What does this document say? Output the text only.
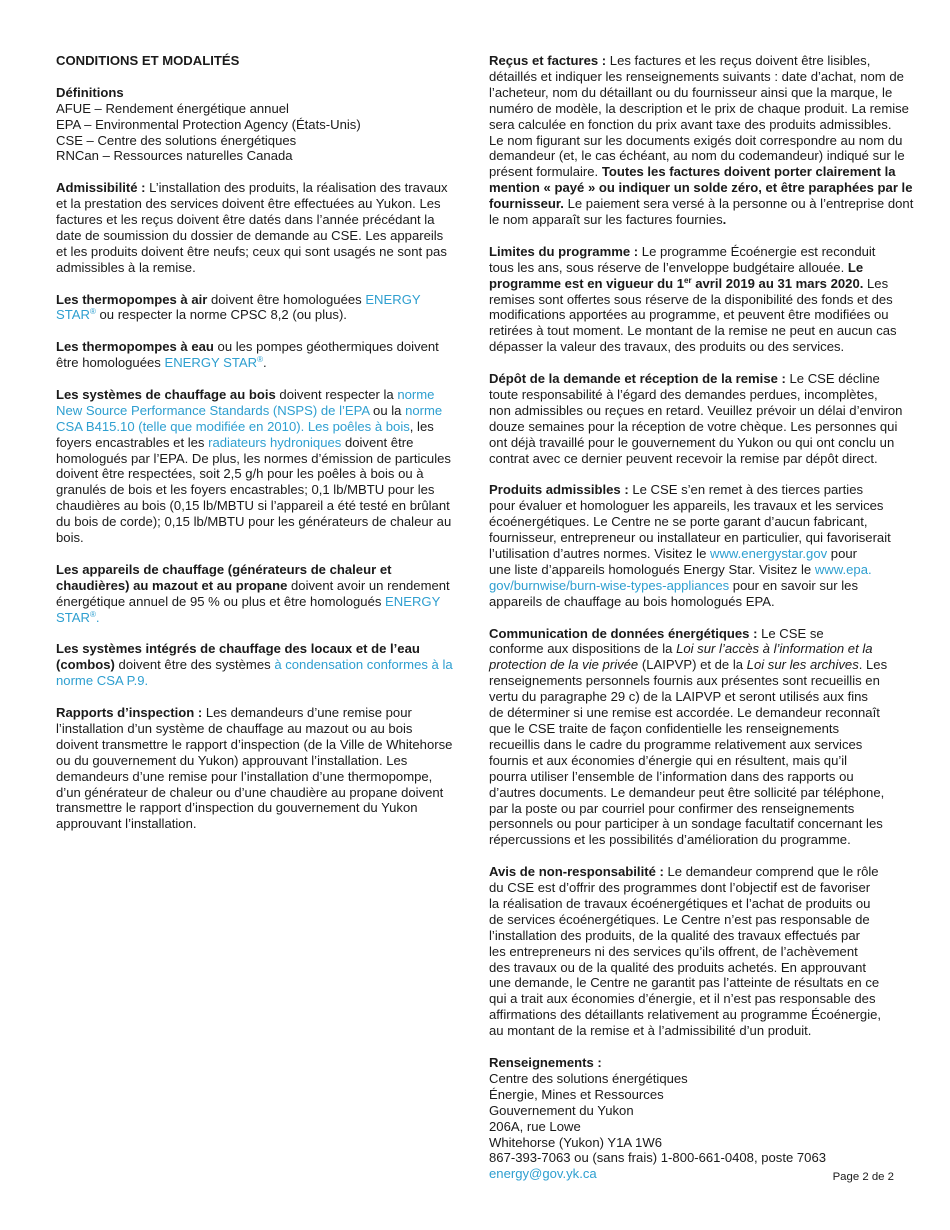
CONDITIONS ET MODALITÉS
Définitions
AFUE – Rendement énergétique annuel
EPA – Environmental Protection Agency (États-Unis)
CSE – Centre des solutions énergétiques
RNCan – Ressources naturelles Canada
Admissibilité : L’installation des produits, la réalisation des travaux
et la prestation des services doivent être effectuées au Yukon. Les
factures et les reçus doivent être datés dans l’année précédant la
date de soumission du dossier de demande au CSE. Les appareils
et les produits doivent être neufs; ceux qui sont usagés ne sont pas
admissibles à la remise.
Les thermopompes à air doivent être homologuées ENERGY
STAR® ou respecter la norme CPSC 8,2 (ou plus).
Les thermopompes à eau ou les pompes géothermiques doivent
être homologuées ENERGY STAR®.
Les systèmes de chauffage au bois doivent respecter la norme
New Source Performance Standards (NSPS) de l’EPA ou la norme
CSA B415.10 (telle que modifiée en 2010). Les poêles à bois, les
foyers encastrables et les radiateurs hydroniques doivent être
homologués par l’EPA. De plus, les normes d’émission de particules
doivent être respectées, soit 2,5 g/h pour les poêles à bois ou à
granulés de bois et les foyers encastrables; 0,1 lb/MBTU pour les
chaudières au bois (0,15 lb/MBTU si l’appareil a été testé en brûlant
du bois de corde); 0,15 lb/MBTU pour les générateurs de chaleur au
bois.
Les appareils de chauffage (générateurs de chaleur et
chaudières) au mazout et au propane doivent avoir un rendement
énergétique annuel de 95 % ou plus et être homologués ENERGY
STAR®.
Les systèmes intégrés de chauffage des locaux et de l’eau
(combos) doivent être des systèmes à condensation conformes à la
norme CSA P.9.
Rapports d’inspection : Les demandeurs d’une remise pour
l’installation d’un système de chauffage au mazout ou au bois
doivent transmettre le rapport d’inspection (de la Ville de Whitehorse
ou du gouvernement du Yukon) approuvant l’installation. Les
demandeurs d’une remise pour l’installation d’une thermopompe,
d’un générateur de chaleur ou d’une chaudière au propane doivent
transmettre le rapport d’inspection du gouvernement du Yukon
approuvant l’installation.
Reçus et factures : Les factures et les reçus doivent être lisibles,
détaillés et indiquer les renseignements suivants : date d’achat, nom de
l’acheteur, nom du détaillant ou du fournisseur ainsi que la marque, le
numéro de modèle, la description et le prix de chaque produit. La remise
sera calculée en fonction du prix avant taxe des produits admissibles.
Le nom figurant sur les documents exigés doit correspondre au nom du
demandeur (et, le cas échéant, au nom du codemandeur) indiqué sur le
présent formulaire. Toutes les factures doivent porter clairement la
mention « payé » ou indiquer un solde zéro, et être paraphées par le
fournisseur. Le paiement sera versé à la personne ou à l’entreprise dont
le nom apparaît sur les factures fournies.
Limites du programme : Le programme Écoénergie est reconduit
tous les ans, sous réserve de l’enveloppe budgétaire allouée. Le
programme est en vigueur du 1er avril 2019 au 31 mars 2020. Les
remises sont offertes sous réserve de la disponibilité des fonds et des
modifications apportées au programme, et peuvent être modifiées ou
retirées à tout moment. Le montant de la remise ne peut en aucun cas
dépasser la valeur des travaux, des produits ou des services.
Dépôt de la demande et réception de la remise : Le CSE décline
toute responsabilité à l’égard des demandes perdues, incomplètes,
non admissibles ou reçues en retard. Veuillez prévoir un délai d’environ
douze semaines pour la réception de votre chèque. Les personnes qui
ont déjà travaillé pour le gouvernement du Yukon ou qui ont conclu un
contrat avec ce dernier peuvent recevoir la remise par dépôt direct.
Produits admissibles : Le CSE s’en remet à des tierces parties
pour évaluer et homologuer les appareils, les travaux et les services
écoénergétiques. Le Centre ne se porte garant d’aucun fabricant,
fournisseur, entrepreneur ou installateur en particulier, qui favoriserait
l’utilisation d’autres normes. Visitez le www.energystar.gov pour
une liste d’appareils homologués Energy Star. Visitez le www.epa.
gov/burnwise/burn-wise-types-appliances pour en savoir sur les
appareils de chauffage au bois homologués EPA.
Communication de données énergétiques : Le CSE se
conforme aux dispositions de la Loi sur l’accès à l’information et la
protection de la vie privée (LAIPVP) et de la Loi sur les archives. Les
renseignements personnels fournis aux présentes sont recueillis en
vertu du paragraphe 29 c) de la LAIPVP et seront utilisés aux fins
de déterminer si une remise est accordée. Le demandeur reconnaît
que le CSE traite de façon confidentielle les renseignements
recueillis dans le cadre du programme relativement aux services
fournis et aux économies d’énergie qui en résultent, mais qu’il
pourra utiliser l’ensemble de l’information dans des rapports ou
d’autres documents. Le demandeur peut être sollicité par téléphone,
par la poste ou par courriel pour confirmer des renseignements
personnels ou pour participer à un sondage facultatif concernant les
répercussions et les possibilités d’amélioration du programme.
Avis de non-responsabilité : Le demandeur comprend que le rôle
du CSE est d’offrir des programmes dont l’objectif est de favoriser
la réalisation de travaux écoénergétiques et l’achat de produits ou
de services écoénergétiques. Le Centre n’est pas responsable de
l’installation des produits, de la qualité des travaux effectués par
les entrepreneurs ni des services qu’ils offrent, de l’achèvement
des travaux ou de la qualité des produits achetés. En approuvant
une demande, le Centre ne garantit pas l’atteinte de résultats en ce
qui a trait aux économies d’énergie, et il n’est pas responsable des
affirmations des détaillants relativement au programme Écoénergie,
au montant de la remise et à l’admissibilité d’un produit.
Renseignements :
Centre des solutions énergétiques
Énergie, Mines et Ressources
Gouvernement du Yukon
206A, rue Lowe
Whitehorse (Yukon) Y1A 1W6
867-393-7063 ou (sans frais) 1-800-661-0408, poste 7063
energy@gov.yk.ca	Page 2 de 2
